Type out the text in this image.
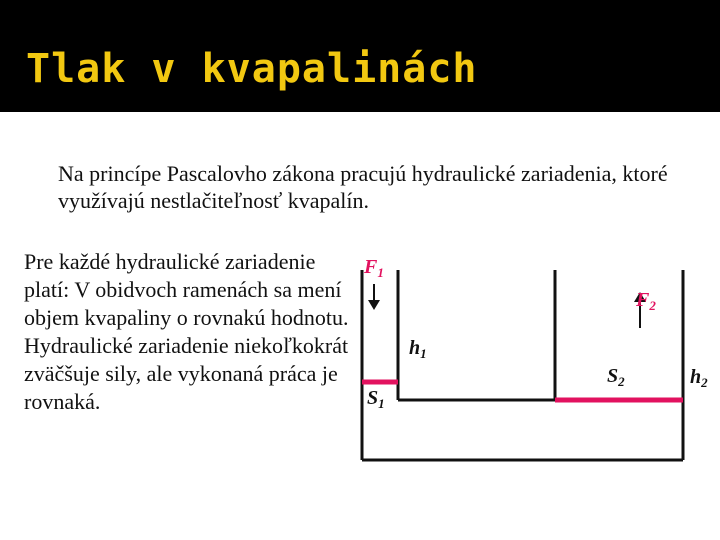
Tlak v kvapalinách
Na princípe Pascalovho zákona pracujú hydraulické zariadenia, ktoré využívajú nestlačiteľnosť kvapalín.
Pre každé hydraulické zariadenie platí: V obidvoch ramenách sa mení objem kvapaliny o rovnakú hodnotu. Hydraulické zariadenie niekoľkokrát zväčšuje sily, ale vykonaná práca je rovnaká.
$F_1$
$F_2$
$h_1$
$S_1$
$S_2$	$h_2$
